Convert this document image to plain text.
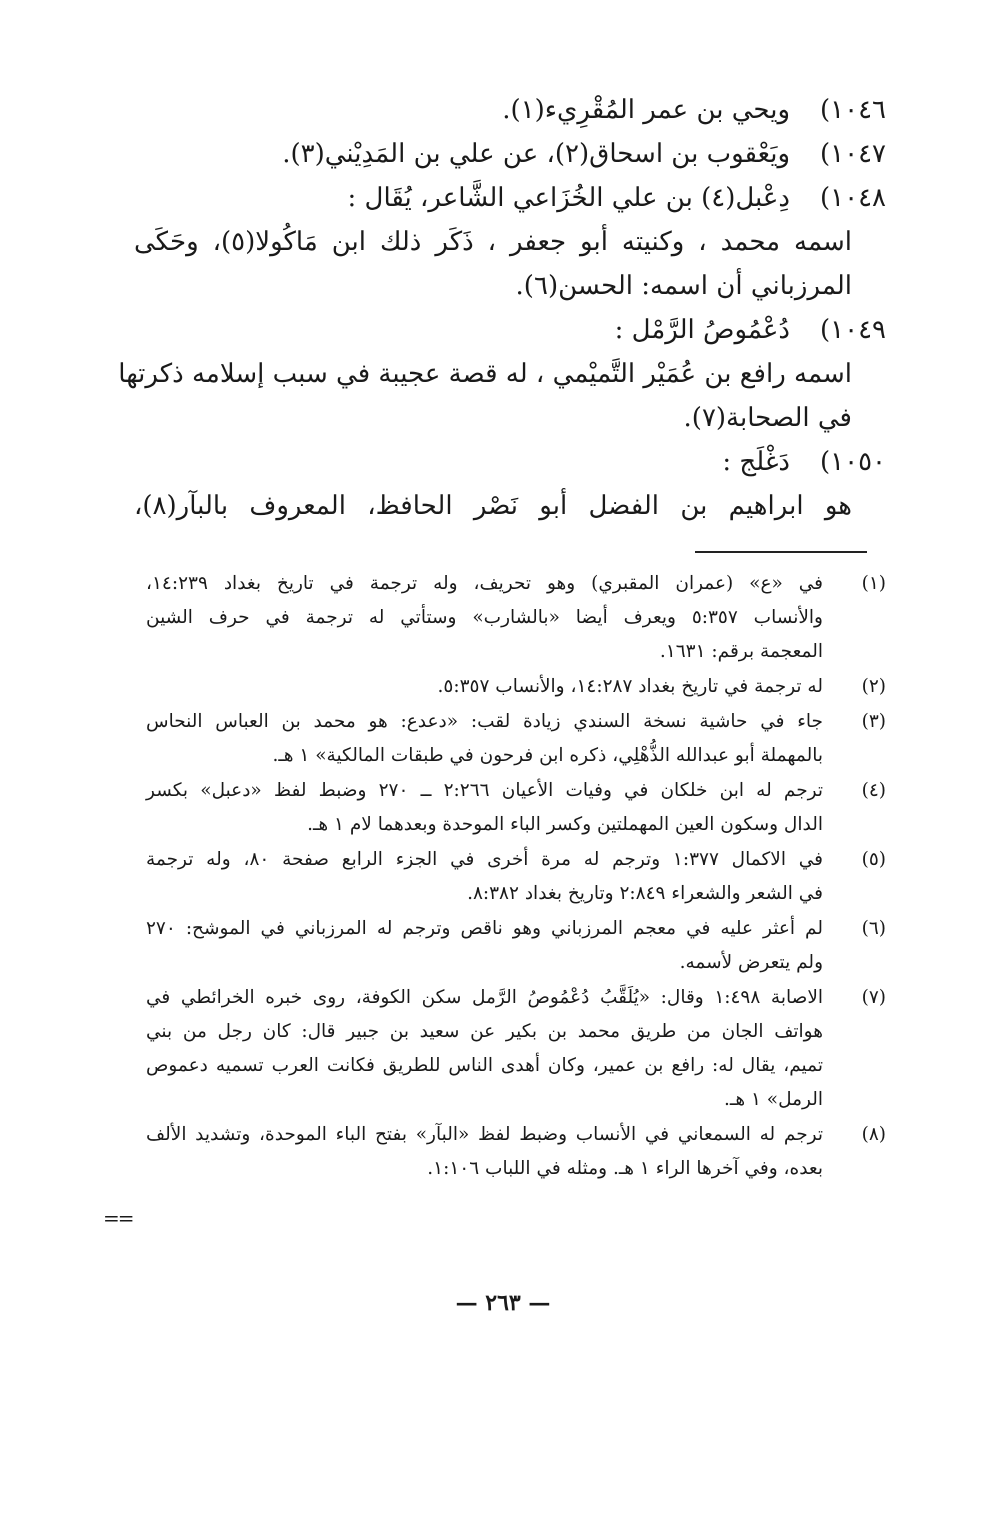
١٠٤٦)
ويحي بن عمر المُقْرِيء(١).
١٠٤٧)
ويَعْقوب بن اسحاق(٢)، عن علي بن المَدِيْني(٣).
١٠٤٨)
دِعْبل(٤) بن علي الخُزَاعي الشَّاعر، يُقَال :
اسمه محمد ، وكنيته أبو جعفر ، ذَكَر ذلك ابن مَاكُولا(٥)، وحَكَى
المرزباني أن اسمه: الحسن(٦).
١٠٤٩)
دُعْمُوصُ الرَّمْل :
اسمه رافع بن عُمَيْر التَّميْمي ، له قصة عجيبة في سبب إسلامه ذكرتها
في الصحابة(٧).
١٠٥٠)
دَغْلَج :
هو ابراهيم بن الفضل أبو نَصْر الحافظ، المعروف بالبآر(٨)،
(١)
في «ع» (عمران المقبري) وهو تحريف، وله ترجمة في تاريخ بغداد ١٤:٢٣٩،
والأنساب ٥:٣٥٧ ويعرف أيضا «بالشارب» وستأتي له ترجمة في حرف الشين
المعجمة برقم: ١٦٣١.
(٢)
له ترجمة في تاريخ بغداد ١٤:٢٨٧، والأنساب ٥:٣٥٧.
(٣)
جاء في حاشية نسخة السندي زيادة لقب: «دعدع: هو محمد بن العباس النحاس
بالمهملة أبو عبدالله الذُّهْلِي، ذكره ابن فرحون في طبقات المالكية» ١ هـ.
(٤)
ترجم له ابن خلكان في وفيات الأعيان ٢:٢٦٦ ــ ٢٧٠ وضبط لفظ «دعبل» بكسر
الدال وسكون العين المهملتين وكسر الباء الموحدة وبعدهما لام ١ هـ.
(٥)
في الاكمال ١:٣٧٧ وترجم له مرة أخرى في الجزء الرابع صفحة ٨٠، وله ترجمة
في الشعر والشعراء ٢:٨٤٩ وتاريخ بغداد ٨:٣٨٢.
(٦)
لم أعثر عليه في معجم المرزباني وهو ناقص وترجم له المرزباني في الموشح: ٢٧٠
ولم يتعرض لأسمه.
(٧)
الاصابة ١:٤٩٨ وقال: «يُلَقَّبُ دُعْمُوصُ الرَّمل سكن الكوفة، روى خبره الخرائطي في
هواتف الجان من طريق محمد بن بكير عن سعيد بن جبير قال: كان رجل من بني
تميم، يقال له: رافع بن عمير، وكان أهدى الناس للطريق فكانت العرب تسميه دعموص
الرمل» ١ هـ.
(٨)
ترجم له السمعاني في الأنساب وضبط لفظ «البآر» بفتح الباء الموحدة، وتشديد الألف
بعده، وفي آخرها الراء ١ هـ. ومثله في اللباب ١:١٠٦.
==
— ٢٦٣ —
